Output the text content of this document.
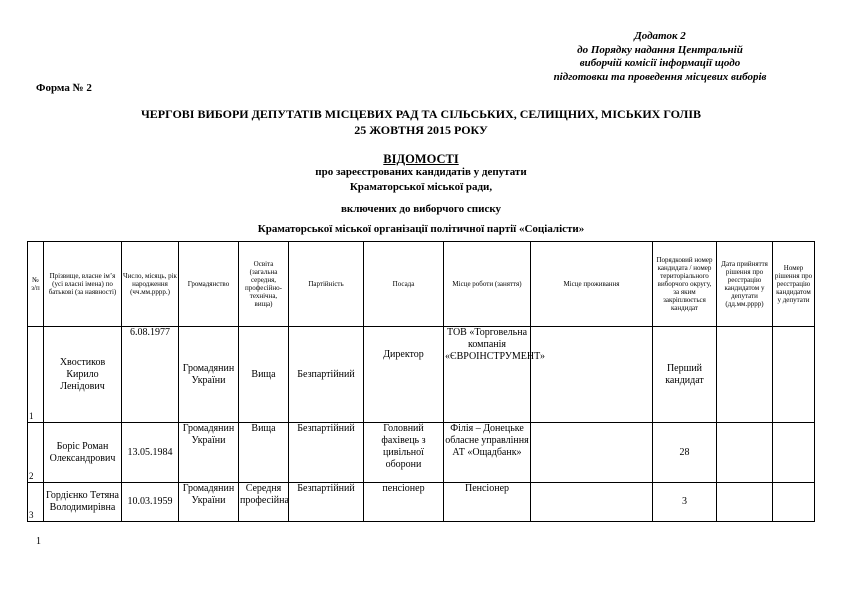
Додаток 2
до Порядку надання Центральній
виборчій комісії інформації щодо
підготовки та проведення місцевих виборів
Форма № 2
ЧЕРГОВІ ВИБОРИ ДЕПУТАТІВ МІСЦЕВИХ РАД ТА СІЛЬСЬКИХ, СЕЛИЩНИХ, МІСЬКИХ ГОЛІВ
25 ЖОВТНЯ 2015 РОКУ
ВІДОМОСТІ
про зареєстрованих кандидатів у депутати
Краматорської міської ради,
включених до виборчого списку
Краматорської міської організації політичної партії «Соціалісти»
№ з/п	Прізвище, власне ім’я (усі власні імена) по батькові (за наявності)	Число, місяць, рік народження (чч.мм.рррр.)	Громадянство	Освіта (загальна середня, професійно-технічна, вища)	Партійність	Посада	Місце роботи (заняття)	Місце проживання	Порядковий номер кандидата / номер територіального виборчого округу, за яким закріплюється кандидат	Дата прийняття рішення про реєстрацію кандидатом у депутати (дд.мм.рррр)	Номер рішення про реєстрацію кандидатом у депутати
1	Хвостиков Кирило Ленідович	6.08.1977	Громадянин України	Вища	Безпартійний	Директор	ТОВ «Торговельна компанія «ЄВРОІНСТРУМЕНТ»		Перший кандидат		
2	Боріс Роман Олександрович	13.05.1984	Громадянин України	Вища	Безпартійний	Головний фахівець з цивільної оборони	Філія – Донецьке обласне управління АТ «Ощадбанк»		28		
3	Гордієнко Тетяна Володимирівна	10.03.1959	Громадянин України	Середня професійна	Безпартійний	пенсіонер	Пенсіонер		3		
1
